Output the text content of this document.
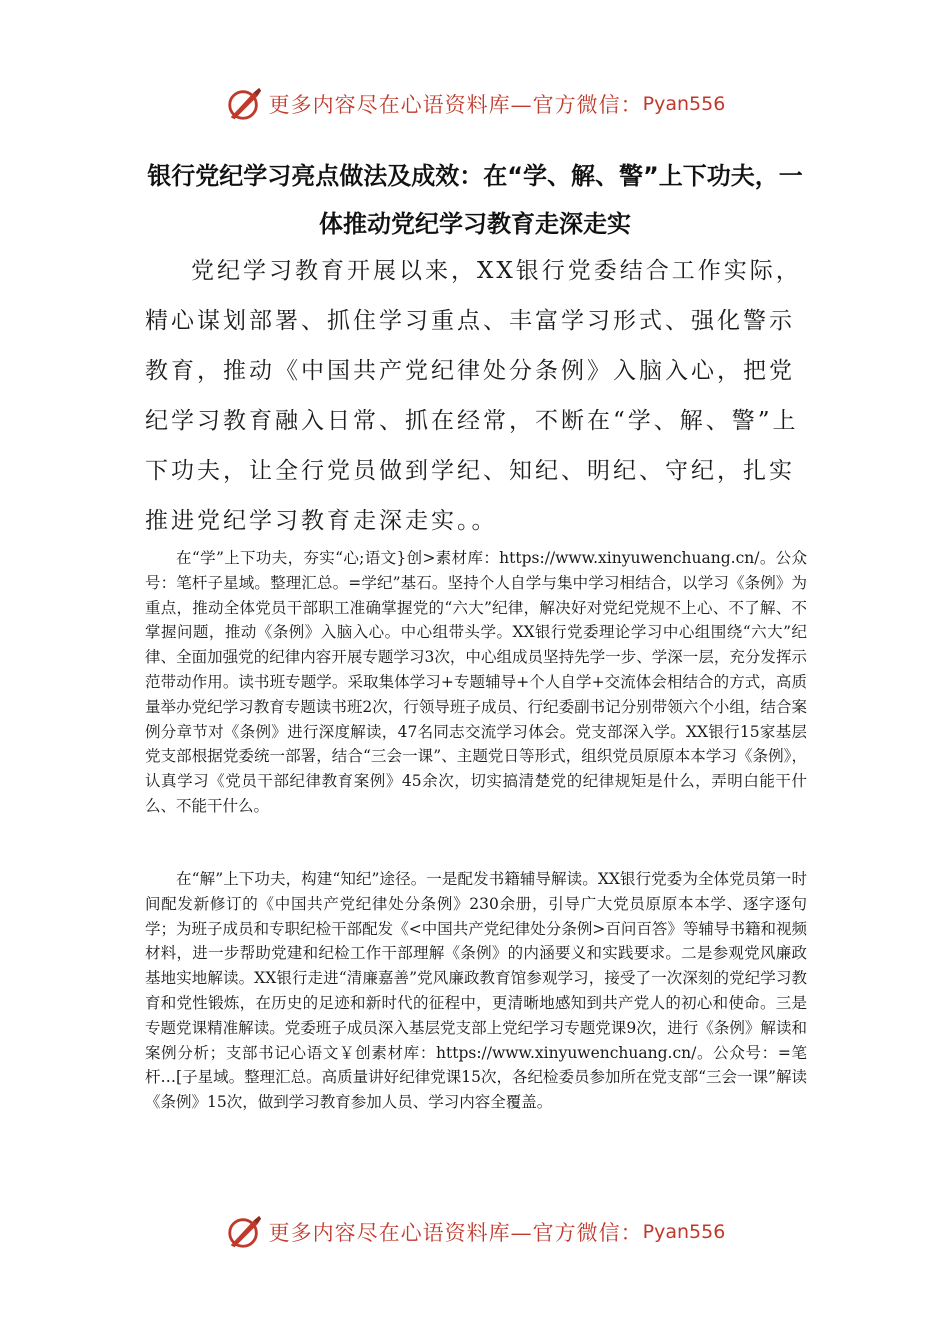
更多内容尽在心语资料库—官方微信： Pyan556
银行党纪学习亮点做法及成效：在“学、解、警”上下功夫，一体推动党纪学习教育走深走实

党纪学习教育开展以来，XX银行党委结合工作实际，精心谋划部署、抓住学习重点、丰富学习形式、强化警示教育，推动《中国共产党纪律处分条例》入脑入心，把党纪学习教育融入日常、抓在经常，不断在“学、解、警”上下功夫，让全行党员做到学纪、知纪、明纪、守纪，扎实推进党纪学习教育走深走实。。

在“学”上下功夫，夯实“心;语文}创>素材库：https://www.xinyuwenchuang.cn/。公众号：笔杆子星域。整理汇总。=学纪”基石。坚持个人自学与集中学习相结合，以学习《条例》为重点，推动全体党员干部职工准确掌握党的“六大”纪律，解决好对党纪党规不上心、不了解、不掌握问题，推动《条例》入脑入心。中心组带头学。XX银行党委理论学习中心组围绕“六大”纪律、全面加强党的纪律内容开展专题学习3次，中心组成员坚持先学一步、学深一层，充分发挥示范带动作用。读书班专题学。采取集体学习+专题辅导+个人自学+交流体会相结合的方式，高质量举办党纪学习教育专题读书班2次，行领导班子成员、行纪委副书记分别带领六个小组，结合案例分章节对《条例》进行深度解读，47名同志交流学习体会。党支部深入学。XX银行15家基层党支部根据党委统一部署，结合“三会一课”、主题党日等形式，组织党员原原本本学习《条例》，认真学习《党员干部纪律教育案例》45余次，切实搞清楚党的纪律规矩是什么，弄明白能干什么、不能干什么。

在“解”上下功夫，构建“知纪”途径。一是配发书籍辅导解读。XX银行党委为全体党员第一时间配发新修订的《中国共产党纪律处分条例》230余册，引导广大党员原原本本学、逐字逐句学；为班子成员和专职纪检干部配发《<中国共产党纪律处分条例>百问百答》等辅导书籍和视频材料，进一步帮助党建和纪检工作干部理解《条例》的内涵要义和实践要求。二是参观党风廉政基地实地解读。XX银行走进“清廉嘉善”党风廉政教育馆参观学习，接受了一次深刻的党纪学习教育和党性锻炼，在历史的足迹和新时代的征程中，更清晰地感知到共产党人的初心和使命。三是专题党课精准解读。党委班子成员深入基层党支部上党纪学习专题党课9次，进行《条例》解读和案例分析；支部书记心语文￥创素材库：https://www.xinyuwenchuang.cn/。公众号：=笔杆…[子星域。整理汇总。高质量讲好纪律党课15次，各纪检委员参加所在党支部“三会一课”解读《条例》15次，做到学习教育参加人员、学习内容全覆盖。

更多内容尽在心语资料库—官方微信： Pyan556
